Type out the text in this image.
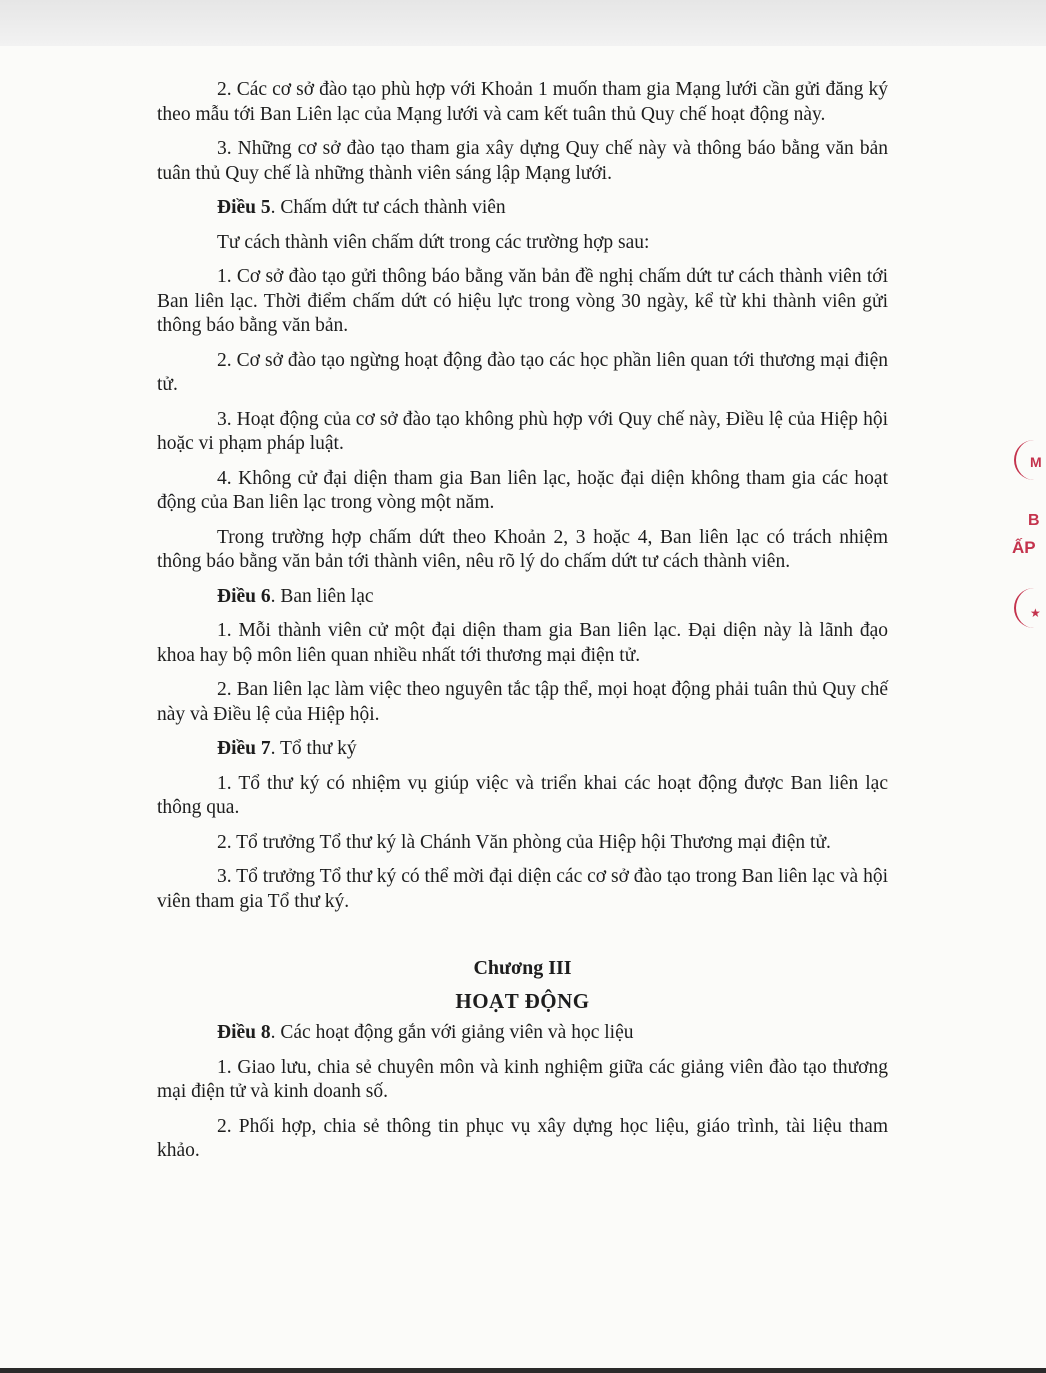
2. Các cơ sở đào tạo phù hợp với Khoản 1 muốn tham gia Mạng lưới cần gửi đăng ký theo mẫu tới Ban Liên lạc của Mạng lưới và cam kết tuân thủ Quy chế hoạt động này.

3. Những cơ sở đào tạo tham gia xây dựng Quy chế này và thông báo bằng văn bản tuân thủ Quy chế là những thành viên sáng lập Mạng lưới.

Điều 5. Chấm dứt tư cách thành viên

Tư cách thành viên chấm dứt trong các trường hợp sau:

1. Cơ sở đào tạo gửi thông báo bằng văn bản đề nghị chấm dứt tư cách thành viên tới Ban liên lạc. Thời điểm chấm dứt có hiệu lực trong vòng 30 ngày, kể từ khi thành viên gửi thông báo bằng văn bản.

2. Cơ sở đào tạo ngừng hoạt động đào tạo các học phần liên quan tới thương mại điện tử.

3. Hoạt động của cơ sở đào tạo không phù hợp với Quy chế này, Điều lệ của Hiệp hội hoặc vi phạm pháp luật.

4. Không cử đại diện tham gia Ban liên lạc, hoặc đại diện không tham gia các hoạt động của Ban liên lạc trong vòng một năm.

Trong trường hợp chấm dứt theo Khoản 2, 3 hoặc 4, Ban liên lạc có trách nhiệm thông báo bằng văn bản tới thành viên, nêu rõ lý do chấm dứt tư cách thành viên.

Điều 6. Ban liên lạc

1. Mỗi thành viên cử một đại diện tham gia Ban liên lạc. Đại diện này là lãnh đạo khoa hay bộ môn liên quan nhiều nhất tới thương mại điện tử.

2. Ban liên lạc làm việc theo nguyên tắc tập thể, mọi hoạt động phải tuân thủ Quy chế này và Điều lệ của Hiệp hội.

Điều 7. Tổ thư ký

1. Tổ thư ký có nhiệm vụ giúp việc và triển khai các hoạt động được Ban liên lạc thông qua.

2. Tổ trưởng Tổ thư ký là Chánh Văn phòng của Hiệp hội Thương mại điện tử.

3. Tổ trưởng Tổ thư ký có thể mời đại diện các cơ sở đào tạo trong Ban liên lạc và hội viên tham gia Tổ thư ký.

Chương III

HOẠT ĐỘNG

Điều 8. Các hoạt động gắn với giảng viên và học liệu

1. Giao lưu, chia sẻ chuyên môn và kinh nghiệm giữa các giảng viên đào tạo thương mại điện tử và kinh doanh số.

2. Phối hợp, chia sẻ thông tin phục vụ xây dựng học liệu, giáo trình, tài liệu tham khảo.

M
B
ẤP
★
